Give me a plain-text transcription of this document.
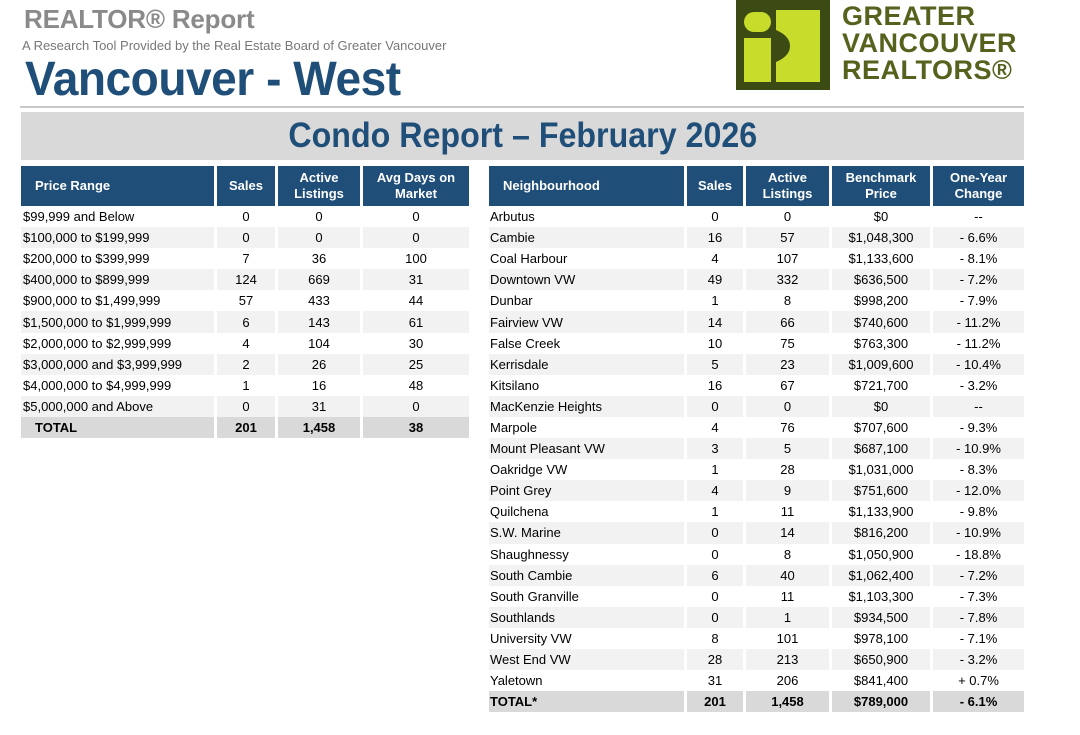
REALTOR® Report
A Research Tool Provided by the Real Estate Board of Greater Vancouver
Vancouver - West
Condo Report – February 2026
GREATER
VANCOUVER
REALTORS®
Price Range	Sales	Active Listings	Avg Days on Market
$99,999 and Below	0	0	0
$100,000 to $199,999	0	0	0
$200,000 to $399,999	7	36	100
$400,000 to $899,999	124	669	31
$900,000 to $1,499,999	57	433	44
$1,500,000 to $1,999,999	6	143	61
$2,000,000 to $2,999,999	4	104	30
$3,000,000 and $3,999,999	2	26	25
$4,000,000 to $4,999,999	1	16	48
$5,000,000 and Above	0	31	0
TOTAL	201	1,458	38
Neighbourhood	Sales	Active Listings	Benchmark Price	One-Year Change
Arbutus	0	0	$0	--
Cambie	16	57	$1,048,300	- 6.6%
Coal Harbour	4	107	$1,133,600	- 8.1%
Downtown VW	49	332	$636,500	- 7.2%
Dunbar	1	8	$998,200	- 7.9%
Fairview VW	14	66	$740,600	- 11.2%
False Creek	10	75	$763,300	- 11.2%
Kerrisdale	5	23	$1,009,600	- 10.4%
Kitsilano	16	67	$721,700	- 3.2%
MacKenzie Heights	0	0	$0	--
Marpole	4	76	$707,600	- 9.3%
Mount Pleasant VW	3	5	$687,100	- 10.9%
Oakridge VW	1	28	$1,031,000	- 8.3%
Point Grey	4	9	$751,600	- 12.0%
Quilchena	1	11	$1,133,900	- 9.8%
S.W. Marine	0	14	$816,200	- 10.9%
Shaughnessy	0	8	$1,050,900	- 18.8%
South Cambie	6	40	$1,062,400	- 7.2%
South Granville	0	11	$1,103,300	- 7.3%
Southlands	0	1	$934,500	- 7.8%
University VW	8	101	$978,100	- 7.1%
West End VW	28	213	$650,900	- 3.2%
Yaletown	31	206	$841,400	+ 0.7%
TOTAL*	201	1,458	$789,000	- 6.1%
